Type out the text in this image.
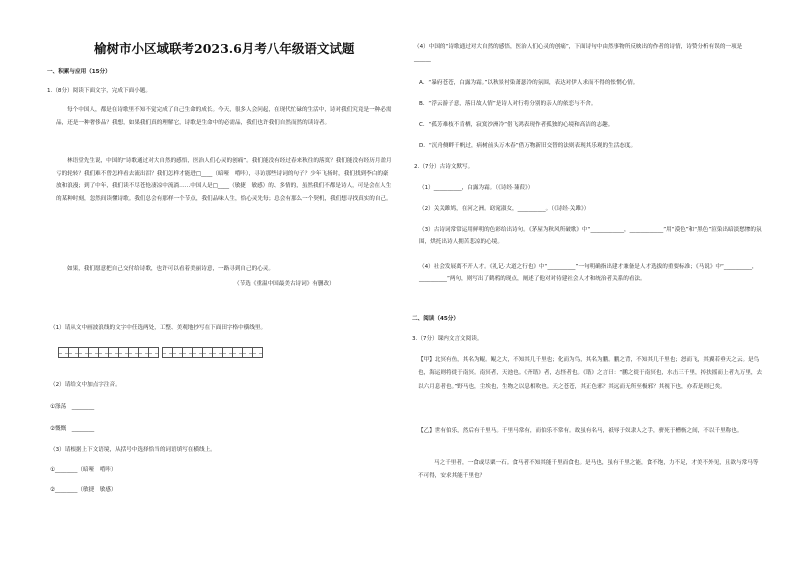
榆树市小区域联考2023.6月考八年级语文试题
一、积累与应用（15分）
1.（8分）阅读下面文字，完成下面小题。
每个中国人，都是在诗歌里不知不觉完成了自己生命的成长。今天，很多人会问起，在现代忙碌的生活中，诗对我们究竟是一种必需品，还是一种奢侈品？我想，如果我们真的理解它，诗歌是生命中的必需品，我们也许我们自然而然的读诗者。
林语堂先生说，中国的“诗歌通过对大自然的感悟，医治人们心灵的创痛”。我们能没有经过春来秋往的落寞？我们能没有经历月盈月亏的轮转？我们难不曾怎样看去流出泪？我们怎样才能进□____（暗哑　啃咔），寻访那些诗词的句子？少年飞扬时，我们找到李白的豪放和浪漫；到了中年，我们读不尽苍怆凄凉中流淌……中国人是□____（敏捷　敏感）的、多情的，虽然我们不都是诗人，可是会在人生的某种时刻，忽然间读懂诗歌。我们总会有那样一个节点，我们品味人生，恰心灵先每；总会有那么一个契机，我们想寻找真实的自己。
如果，我们愿意把自己交付给诗歌，也许可以看着美丽诗意，一路寻到自己的心灵。
（节选《重温中国最美古诗词》有删改）
（1）请从文中画波浪线的文字中任选两处，工整、美观地抄写在下面田字格中横线里。
（2）请给文中加点字注音。
①涤荡　________
②慨慨　________
（3）请根据上下文语境，从括号中选择恰当的词语填写在横线上。
①________（暗哑　啃咔）
②________（敏捷　敏感）
（4）中国的“诗歌通过对大自然的感悟，医治人们心灵的创痛”，下面诗句中由然事物所反映出的作者的诗情，诗赞分析有误的一项是　______
A．“暴府苍苍，白露为霜。”以秋景衬染萧瑟冷的氛围，表达对伊人求而不得的怅惘心情。
B．“浮云游子意，落日故人情”是诗人对行将分别的亲人的依恋与不舍。
C．“孤芳难枝不肯栖，寂寞沙洲冷”借飞鸿表现作者孤独的心境和高洁的志趣。
D．“沉舟侧畔千帆过，病树前头万木春”借万物新旧交替的法则表现其乐观的生活态度。
2.（7分）古诗文默写。
（1）__________，白露为霜。（《诗经·蒹葭》）
（2）关关雎鸠，在河之洲。窈窕淑女，__________。（《诗经·关雎》）
（3）古诗词常常运用鲜明的色彩给出诗句。《茅屋为秋风所破歌》中“____________，____________”用“漠色”和“黑色”渲染出暗淡愁惨的氛围，烘托出诗人拥苦悲凉的心境。
（4）社会发展离不开人才。《礼记·大道之行也》中“__________”一句明确指出建才兼备是人才选拔的重要标准；《马说》中“__________，__________”两句，则写出了鹤鸦的现点，阐述了他对对待建社会人才和统治者关系的看法。
二、阅读（45分）
3.（7分）课内文言文阅读。
【甲】北冥有鱼，其名为鲲。鲲之大，不知其几千里也；化而为鸟，其名为鹏。鹏之背，不知其几千里也；怒而飞，其翼若垂天之云。是鸟也，海运则将徙于南冥。南冥者，天池也。《齐谐》者，志怪者也。《谐》之言曰：“鹏之徙于南冥也，水击三千里，抟扶摇而上者九万里，去以六月息者也。”野马也，尘埃也，生物之以息相吹也。天之苍苍，其正色邪？其远而无所至极邪？其视下也，亦若是则已矣。
【乙】世有伯乐，然后有千里马。千里马常有，而伯乐不常有。故虽有名马，祇辱于奴隶人之手，骈死于槽枥之间，不以千里称也。
马之千里者，一食或尽粟一石。食马者不知其能千里而食也。是马也，虽有千里之能，食不饱，力不足，才美不外见，且欲与常马等不可得，安求其能千里也？
